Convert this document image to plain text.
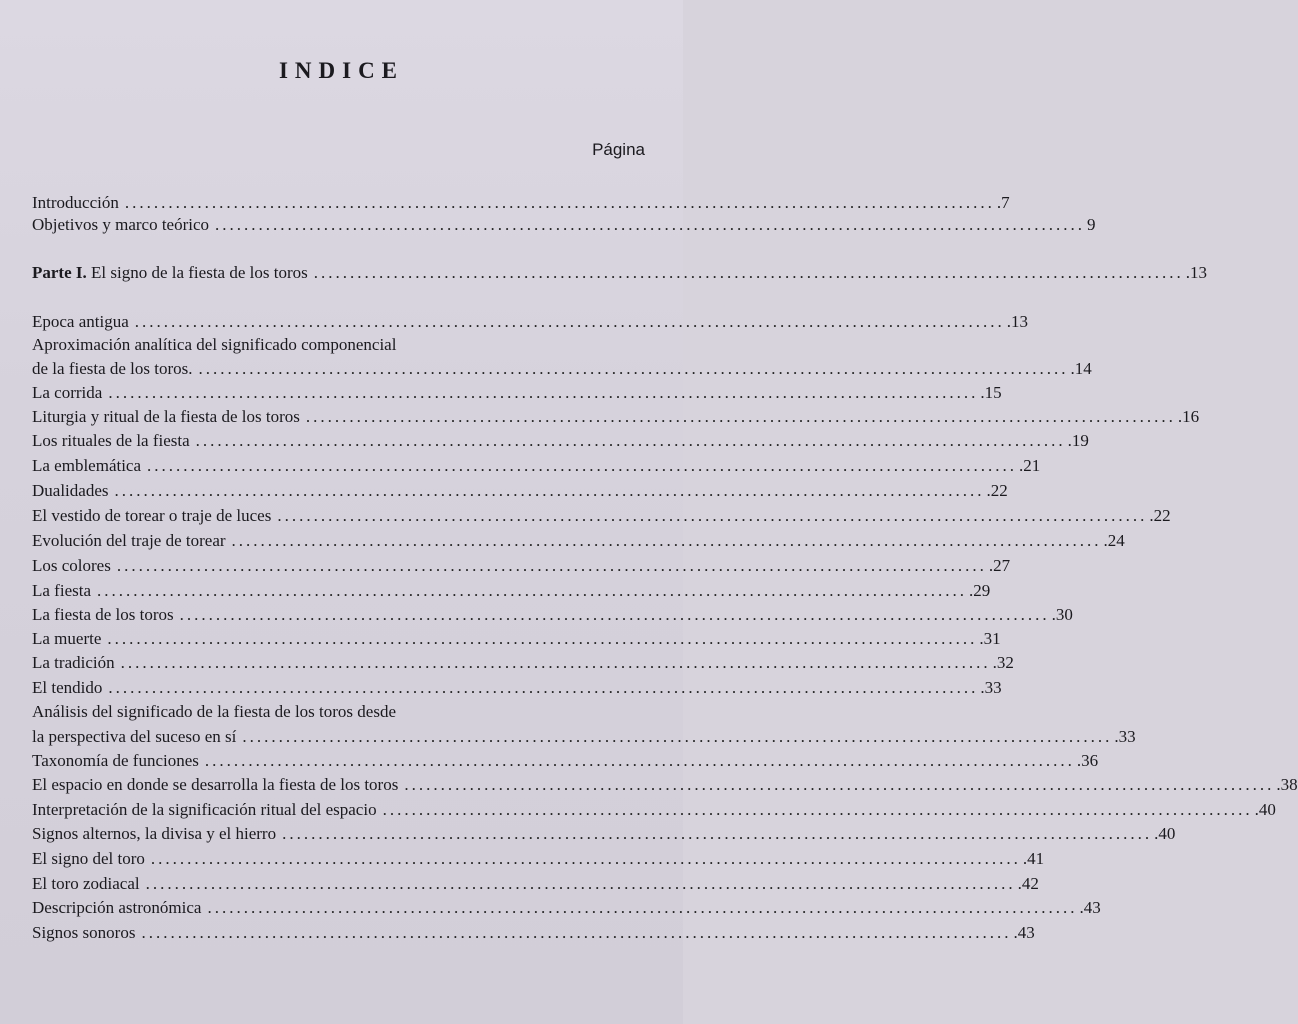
INDICE
Página
Introducción ........................................................................................................................ .7
Objetivos y marco teórico ........................................................................................................................ 9
Parte I. El signo de la fiesta de los toros ........................................................................................................................ .13
Epoca antigua ........................................................................................................................ .13
Aproximación analítica del significado componencial
de la fiesta de los toros. ........................................................................................................................ .14
La corrida ........................................................................................................................ .15
Liturgia y ritual de la fiesta de los toros ........................................................................................................................ .16
Los rituales de la fiesta ........................................................................................................................ .19
La emblemática ........................................................................................................................ .21
Dualidades ........................................................................................................................ .22
El vestido de torear o traje de luces ........................................................................................................................ .22
Evolución del traje de torear ........................................................................................................................ .24
Los colores ........................................................................................................................ .27
La fiesta ........................................................................................................................ .29
La fiesta de los toros ........................................................................................................................ .30
La muerte ........................................................................................................................ .31
La tradición ........................................................................................................................ .32
El tendido ........................................................................................................................ .33
Análisis del significado de la fiesta de los toros desde
la perspectiva del suceso en sí ........................................................................................................................ .33
Taxonomía de funciones ........................................................................................................................ .36
El espacio en donde se desarrolla la fiesta de los toros ........................................................................................................................ .38
Interpretación de la significación ritual del espacio ........................................................................................................................ .40
Signos alternos, la divisa y el hierro ........................................................................................................................ .40
El signo del toro ........................................................................................................................ .41
El toro zodiacal ........................................................................................................................ .42
Descripción astronómica ........................................................................................................................ .43
Signos sonoros ........................................................................................................................ .43
